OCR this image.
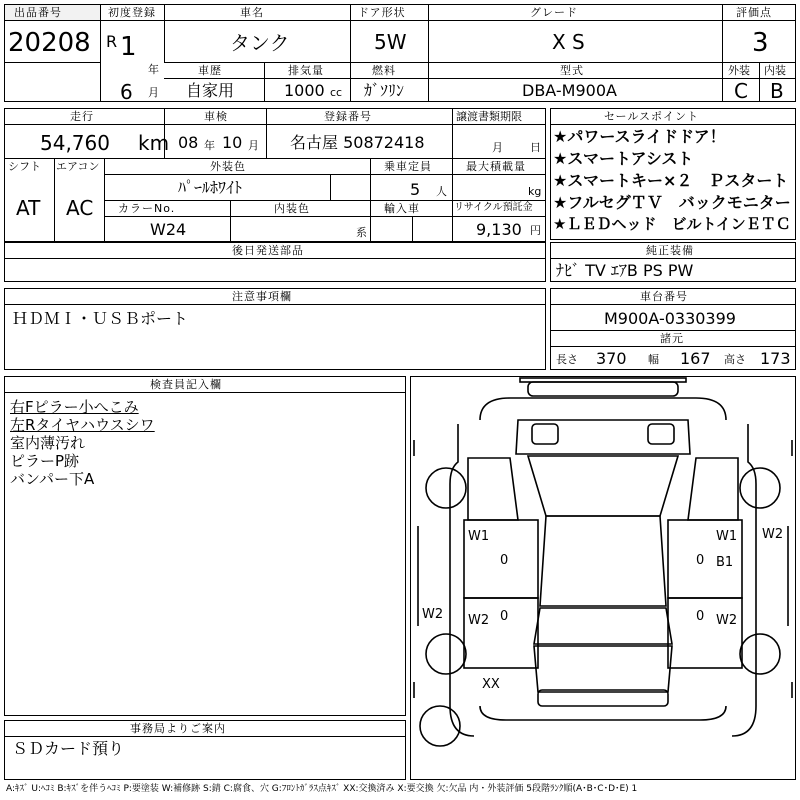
出品番号
20208
初度登録
R 1
年
6 月
車名
タンク
ドア形状
5W
グレード
X S
評価点
3
車歴
自家用
排気量
1000 cc
燃料
ｶﾞｿﾘﾝ
型式
DBA-M900A
外装 内装
C B
走行
54,760 km
車検
08 年 10 月
登録番号
名古屋 50872418
譲渡書類期限
月 日
シフト エアコン
AT AC
外装色
ﾊﾟｰﾙﾎﾜｲﾄ
乗車定員
5 人
最大積載量
kg
カラーNo.
W24
内装色
系
輸入車	リサイクル預託金
9,130 円
後日発送部品
セールスポイント
★パワースライドドア！
★スマートアシスト
★スマートキー×２　Ｐスタート
★フルセグＴＶ　バックモニター
★ＬＥＤヘッド　ビルトインＥＴＣ
純正装備
ﾅﾋﾞ TV ｴｱB PS PW
注意事項欄
ＨＤＭＩ・ＵＳＢポート
車台番号
M900A-0330399
諸元
長さ 370 幅 167 高さ 173
検査員記入欄
右Fピラー小へこみ
左Rタイヤハウスシワ
室内薄汚れ
ピラーP跡
バンパー下A
事務局よりご案内
ＳＤカード預り
W1
0
W1
B1
0
W2
W2 W2 0	W2
0
XX
A:ｷｽﾞ U:ﾍｺﾐ B:ｷｽﾞを伴うﾍｺﾐ P:要塗装 W:補修跡 S:錆 C:腐食、穴 G:ﾌﾛﾝﾄｶﾞﾗｽ点ｷｽﾞ XX:交換済み X:要交換 欠:欠品 内・外装評価 5段階ﾗﾝｸ順(A･B･C･D･E) 1
